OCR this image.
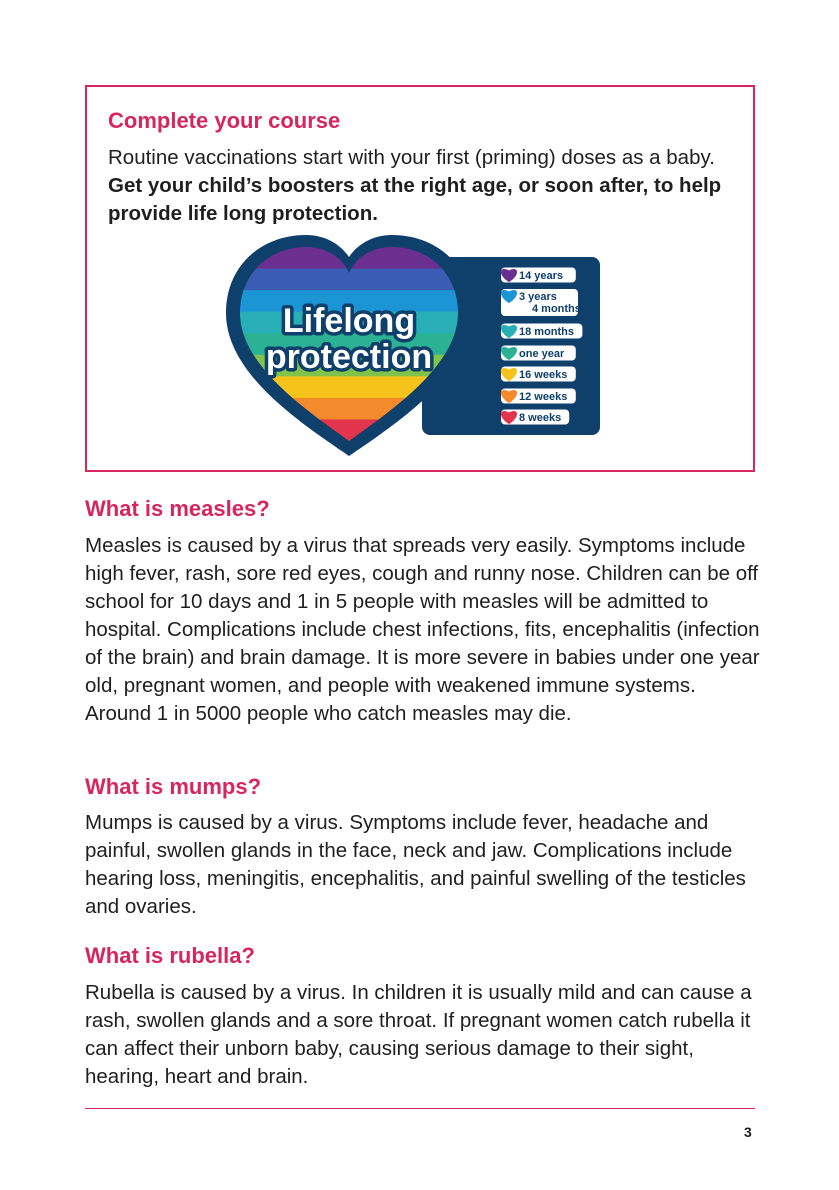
Complete your course
Routine vaccinations start with your first (priming) doses as a baby. Get your child’s boosters at the right age, or soon after, to help provide life long protection.
Lifelong
protection
14 years
3 years
4 months
18 months
one year
16 weeks
12 weeks
8 weeks
What is measles?
Measles is caused by a virus that spreads very easily. Symptoms include high fever, rash, sore red eyes, cough and runny nose. Children can be off school for 10 days and 1 in 5 people with measles will be admitted to hospital. Complications include chest infections, fits, encephalitis (infection of the brain) and brain damage. It is more severe in babies under one year old, pregnant women, and people with weakened immune systems. Around 1 in 5000 people who catch measles may die.
What is mumps?
Mumps is caused by a virus. Symptoms include fever, headache and painful, swollen glands in the face, neck and jaw. Complications include hearing loss, meningitis, encephalitis, and painful swelling of the testicles and ovaries.
What is rubella?
Rubella is caused by a virus. In children it is usually mild and can cause a rash, swollen glands and a sore throat. If pregnant women catch rubella it can affect their unborn baby, causing serious damage to their sight, hearing, heart and brain.
3
